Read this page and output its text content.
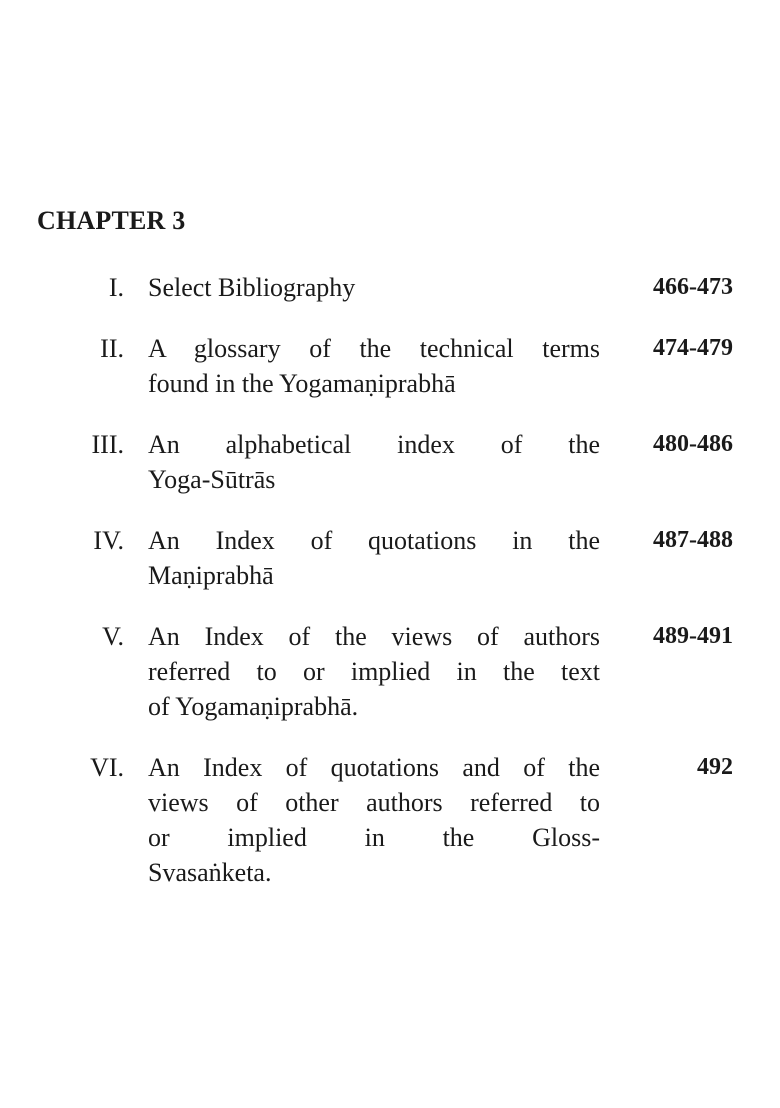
CHAPTER 3
I. Select Bibliography	466-473
II. A glossary of the technical terms
found in the Yogamaṇiprabhā
474-479
III. An alphabetical index of the
Yoga-Sūtrās
480-486
IV. An Index of quotations in the
Maṇiprabhā
487-488
V. An Index of the views of authors
referred to or implied in the text
of Yogamaṇiprabhā.
489-491
VI. An Index of quotations and of the
views of other authors referred to
or implied in the Gloss-
Svasaṅketa.
492
